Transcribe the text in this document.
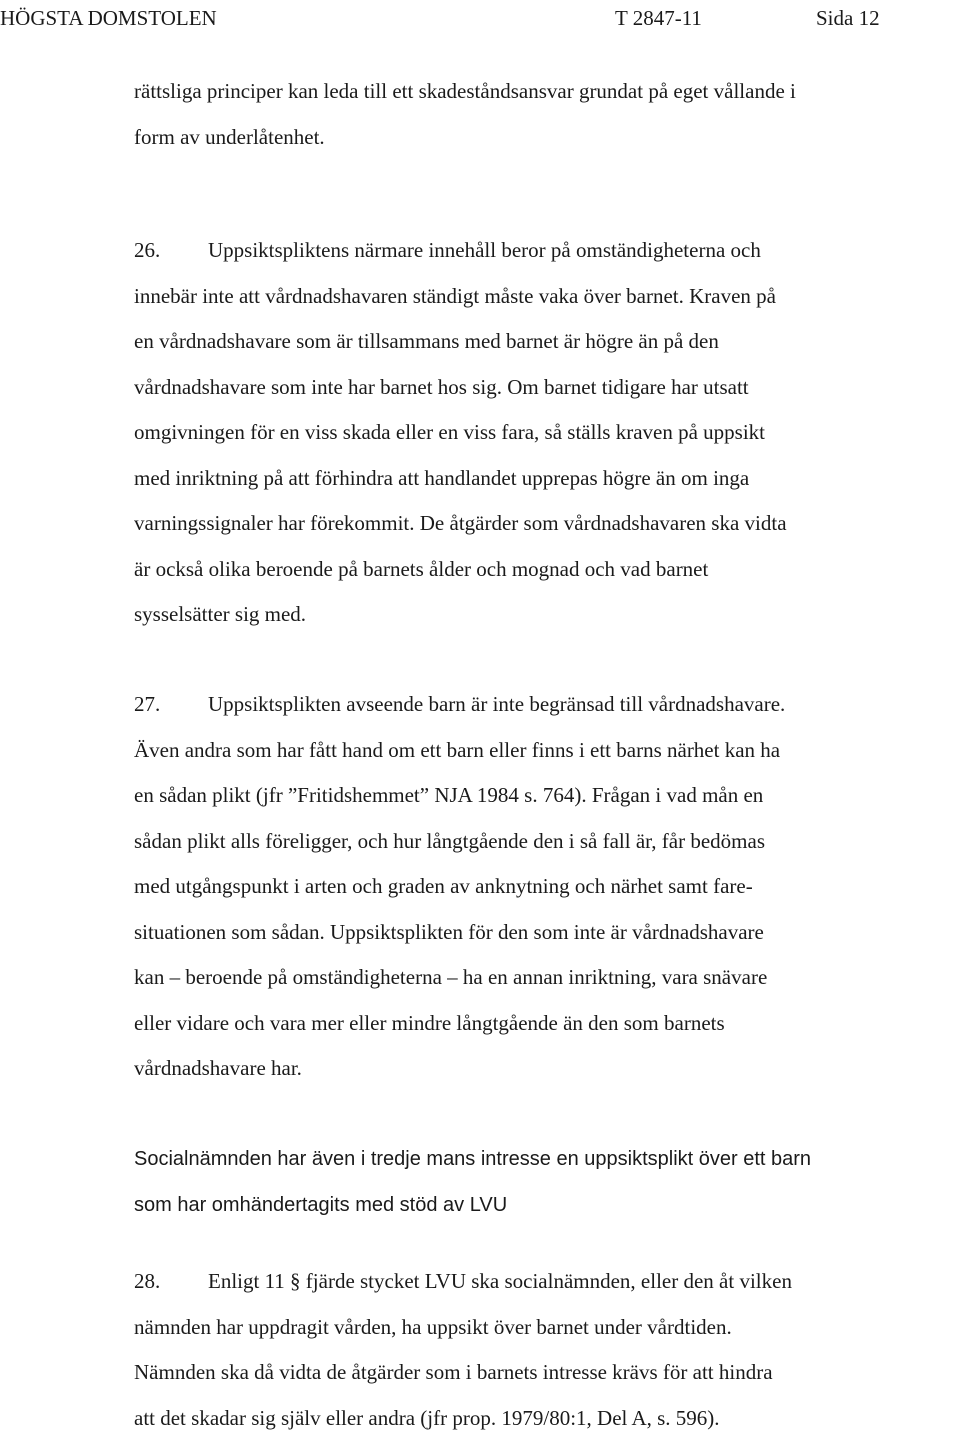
HÖGSTA DOMSTOLEN	T 2847-11	Sida 12

rättsliga principer kan leda till ett skadeståndsansvar grundat på eget vållande i
form av underlåtenhet.

26. Uppsiktspliktens närmare innehåll beror på omständigheterna och
innebär inte att vårdnadshavaren ständigt måste vaka över barnet. Kraven på
en vårdnadshavare som är tillsammans med barnet är högre än på den
vårdnadshavare som inte har barnet hos sig. Om barnet tidigare har utsatt
omgivningen för en viss skada eller en viss fara, så ställs kraven på uppsikt
med inriktning på att förhindra att handlandet upprepas högre än om inga
varningssignaler har förekommit. De åtgärder som vårdnadshavaren ska vidta
är också olika beroende på barnets ålder och mognad och vad barnet
sysselsätter sig med.
27. Uppsiktsplikten avseende barn är inte begränsad till vårdnadshavare.
Även andra som har fått hand om ett barn eller finns i ett barns närhet kan ha
en sådan plikt (jfr ”Fritidshemmet” NJA 1984 s. 764). Frågan i vad mån en
sådan plikt alls föreligger, och hur långtgående den i så fall är, får bedömas
med utgångspunkt i arten och graden av anknytning och närhet samt fare-
situationen som sådan. Uppsiktsplikten för den som inte är vårdnadshavare
kan – beroende på omständigheterna – ha en annan inriktning, vara snävare
eller vidare och vara mer eller mindre långtgående än den som barnets
vårdnadshavare har.
Socialnämnden har även i tredje mans intresse en uppsiktsplikt över ett barn
som har omhändertagits med stöd av LVU
28. Enligt 11 § fjärde stycket LVU ska socialnämnden, eller den åt vilken
nämnden har uppdragit vården, ha uppsikt över barnet under vårdtiden.
Nämnden ska då vidta de åtgärder som i barnets intresse krävs för att hindra
att det skadar sig själv eller andra (jfr prop. 1979/80:1, Del A, s. 596).
